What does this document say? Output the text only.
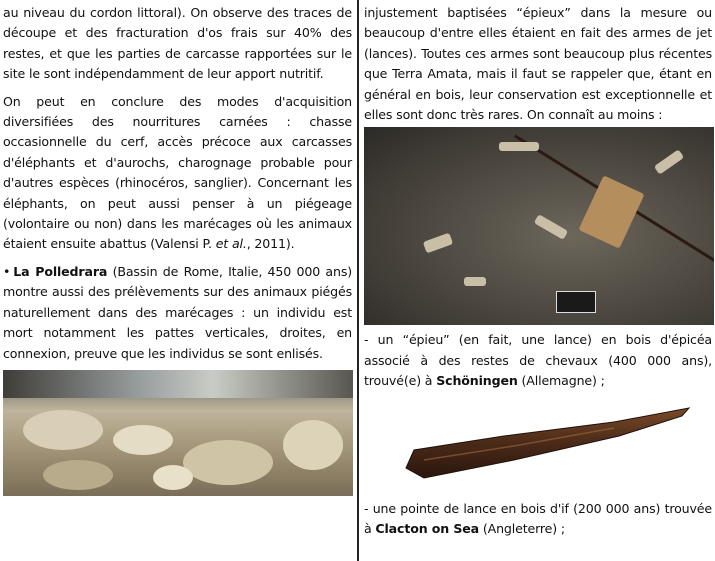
au niveau du cordon littoral). On observe des traces de découpe et des fracturation d'os frais sur 40% des restes, et que les parties de carcasse rapportées sur le site le sont indépendamment de leur apport nutritif.

On peut en conclure des modes d'acquisition diversifiées des nourritures carnées : chasse occasionnelle du cerf, accès précoce aux carcasses d'éléphants et d'aurochs, charognage probable pour d'autres espèces (rhinocéros, sanglier). Concernant les éléphants, on peut aussi penser à un piégeage (volontaire ou non) dans les marécages où les animaux étaient ensuite abattus (Valensi P. et al., 2011).

• La Polledrara (Bassin de Rome, Italie, 450 000 ans) montre aussi des prélèvements sur des animaux piégés naturellement dans des marécages : un individu est mort notamment les pattes verticales, droites, en connexion, preuve que les individus se sont enlisés.

injustement baptisées “épieux” dans la mesure ou beaucoup d'entre elles étaient en fait des armes de jet (lances). Toutes ces armes sont beaucoup plus récentes que Terra Amata, mais il faut se rappeler que, étant en général en bois, leur conservation est exceptionnelle et elles sont donc très rares. On connaît au moins :

- un “épieu” (en fait, une lance) en bois d'épicéa associé à des restes de chevaux (400 000 ans), trouvé(e) à Schöningen (Allemagne) ;

- une pointe de lance en bois d'if (200 000 ans) trouvée à Clacton on Sea (Angleterre) ;
